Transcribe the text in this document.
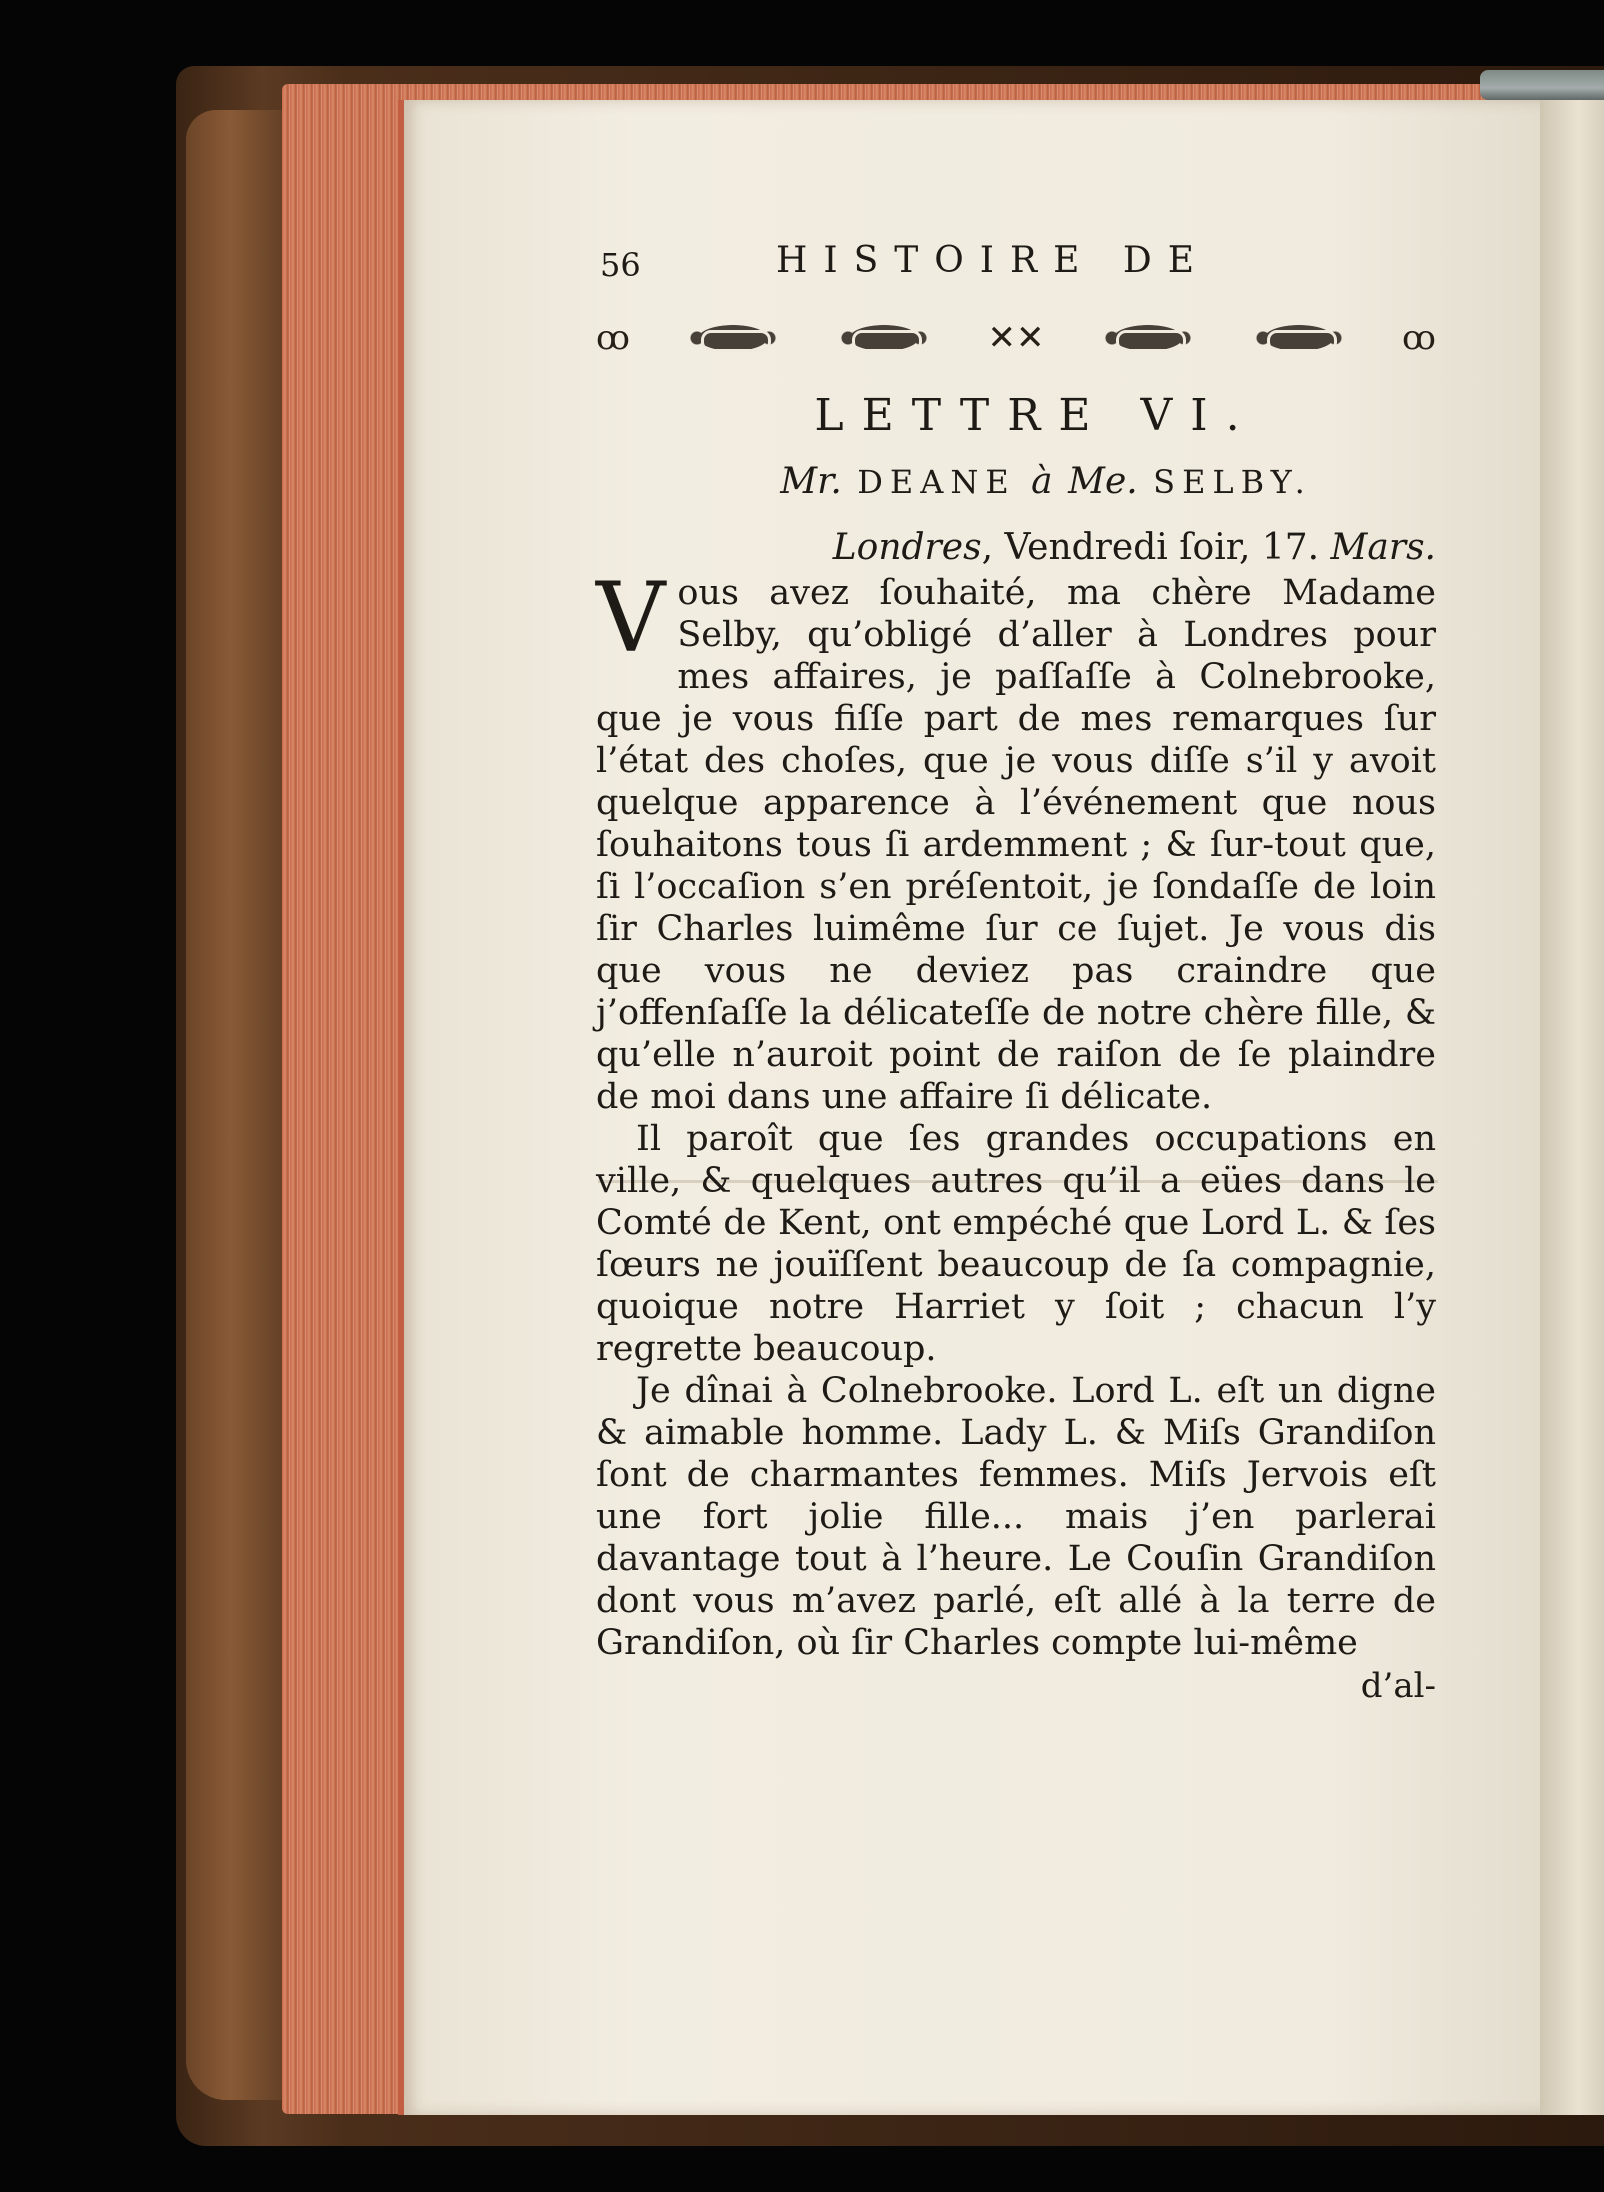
56	HISTOIRE DE
ꝏ	✕✕	ꝏ
LETTRE VI.
Mr. DEANE à Me. SELBY.
Londres, Vendredi ſoir, 17. Mars.

Vous avez ſouhaité, ma chère Madame Selby, qu’obligé d’aller à Londres pour mes affaires, je paſſaſſe à Colnebrooke, que je vous fiſſe part de mes remarques ſur l’état des choſes, que je vous diſſe s’il y avoit quelque apparence à l’événement que nous ſouhaitons tous ſi ardemment ; & ſur-tout que, ſi l’occaſion s’en préſentoit, je ſondaſſe de loin ſir Charles luimême ſur ce ſujet. Je vous dis que vous ne deviez pas craindre que j’offenſaſſe la délicateſſe de notre chère fille, & qu’elle n’auroit point de raiſon de ſe plaindre de moi dans une affaire ſi délicate.

Il paroît que ſes grandes occupations en ville, & quelques autres qu’il a eües dans le Comté de Kent, ont empéché que Lord L. & ſes ſœurs ne jouïſſent beaucoup de ſa compagnie, quoique notre Harriet y ſoit ; chacun l’y regrette beaucoup.

Je dînai à Colnebrooke. Lord L. eſt un digne & aimable homme. Lady L. & Miſs Grandiſon ſont de charmantes femmes. Miſs Jervois eſt une fort jolie fille... mais j’en parlerai davantage tout à l’heure. Le Couſin Grandiſon dont vous m’avez parlé, eſt allé à la terre de Grandiſon, où ſir Charles compte lui-même

d’al-
